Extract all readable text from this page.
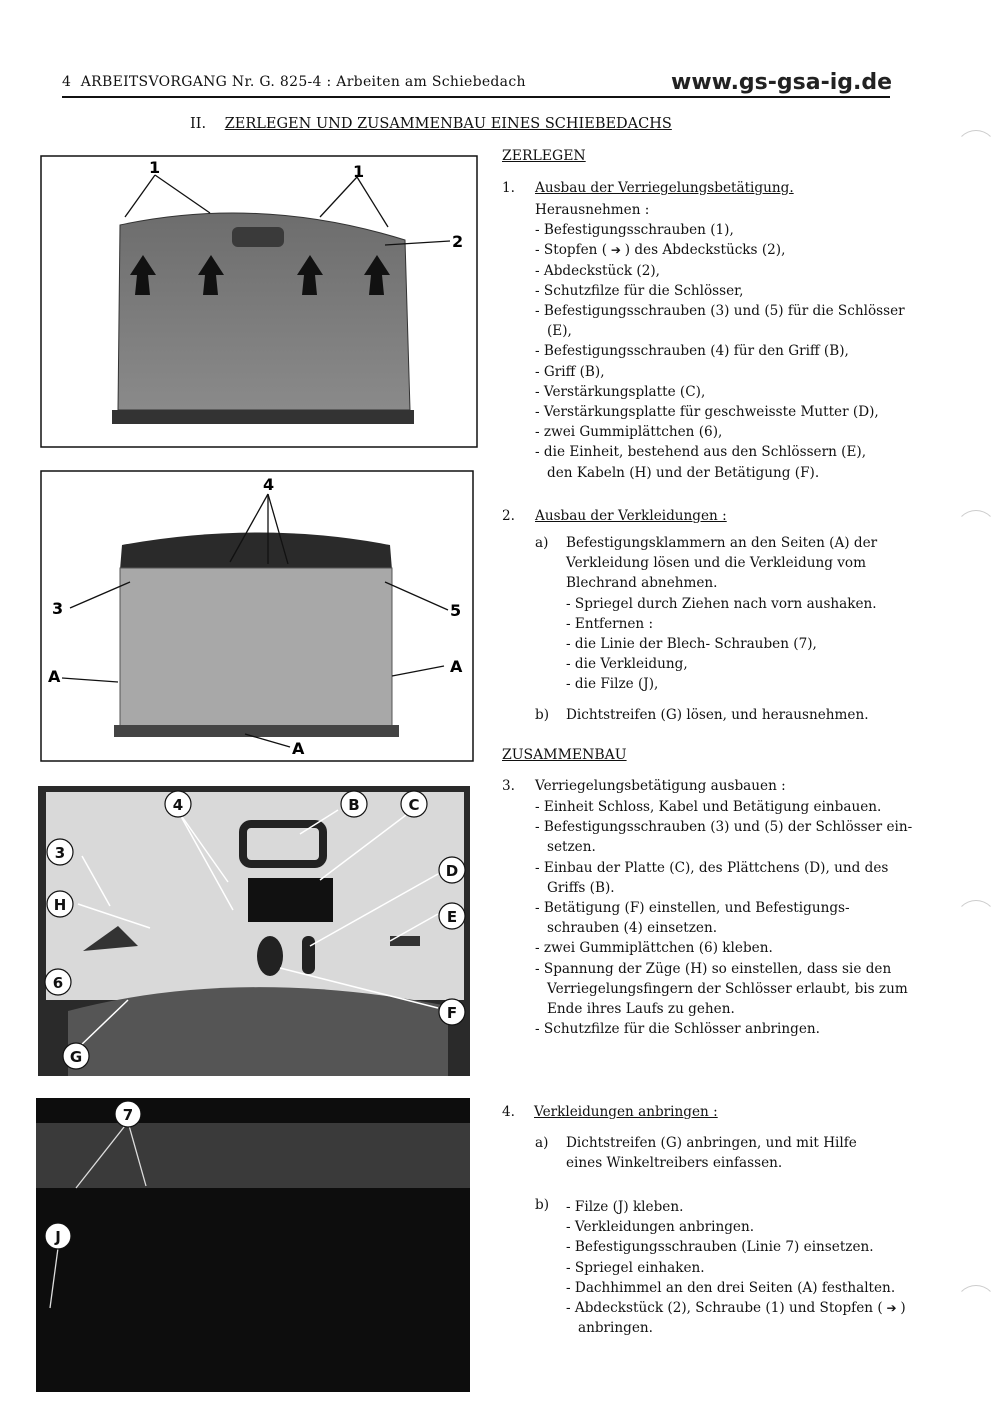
4 ARBEITSVORGANG Nr. G. 825-4 : Arbeiten am Schiebedach	www.gs-gsa-ig.de
II. ZERLEGEN UND ZUSAMMENBAU EINES SCHIEBEDACHS
1	1
2
4
3	5
A
A
A
4	B	C
D
3
H
E
6
F
G
7
J
ZERLEGEN
1. Ausbau der Verriegelungsbetätigung.
Herausnehmen :
- Befestigungsschrauben (1),
- Stopfen ( ➔ ) des Abdeckstücks (2),
- Abdeckstück (2),
- Schutzfilze für die Schlösser,
- Befestigungsschrauben (3) und (5) für die Schlösser
(E),
- Befestigungsschrauben (4) für den Griff (B),
- Griff (B),
- Verstärkungsplatte (C),
- Verstärkungsplatte für geschweisste Mutter (D),
- zwei Gummiplättchen (6),
- die Einheit, bestehend aus den Schlössern (E),
den Kabeln (H) und der Betätigung (F).
2. Ausbau der Verkleidungen :
a) Befestigungsklammern an den Seiten (A) der
Verkleidung lösen und die Verkleidung vom
Blechrand abnehmen.
- Spriegel durch Ziehen nach vorn aushaken.
- Entfernen :
- die Linie der Blech- Schrauben (7),
- die Verkleidung,
- die Filze (J),
b) Dichtstreifen (G) lösen, und herausnehmen.
ZUSAMMENBAU
3. Verriegelungsbetätigung ausbauen :
- Einheit Schloss, Kabel und Betätigung einbauen.
- Befestigungsschrauben (3) und (5) der Schlösser ein-
setzen.
- Einbau der Platte (C), des Plättchens (D), und des
Griffs (B).
- Betätigung (F) einstellen, und Befestigungs-
schrauben (4) einsetzen.
- zwei Gummiplättchen (6) kleben.
- Spannung der Züge (H) so einstellen, dass sie den
Verriegelungsfingern der Schlösser erlaubt, bis zum
Ende ihres Laufs zu gehen.
- Schutzfilze für die Schlösser anbringen.
4. Verkleidungen anbringen :
a) Dichtstreifen (G) anbringen, und mit Hilfe
eines Winkeltreibers einfassen.
b) - Filze (J) kleben.
- Verkleidungen anbringen.
- Befestigungsschrauben (Linie 7) einsetzen.
- Spriegel einhaken.
- Dachhimmel an den drei Seiten (A) festhalten.
- Abdeckstück (2), Schraube (1) und Stopfen ( ➔ )
anbringen.
